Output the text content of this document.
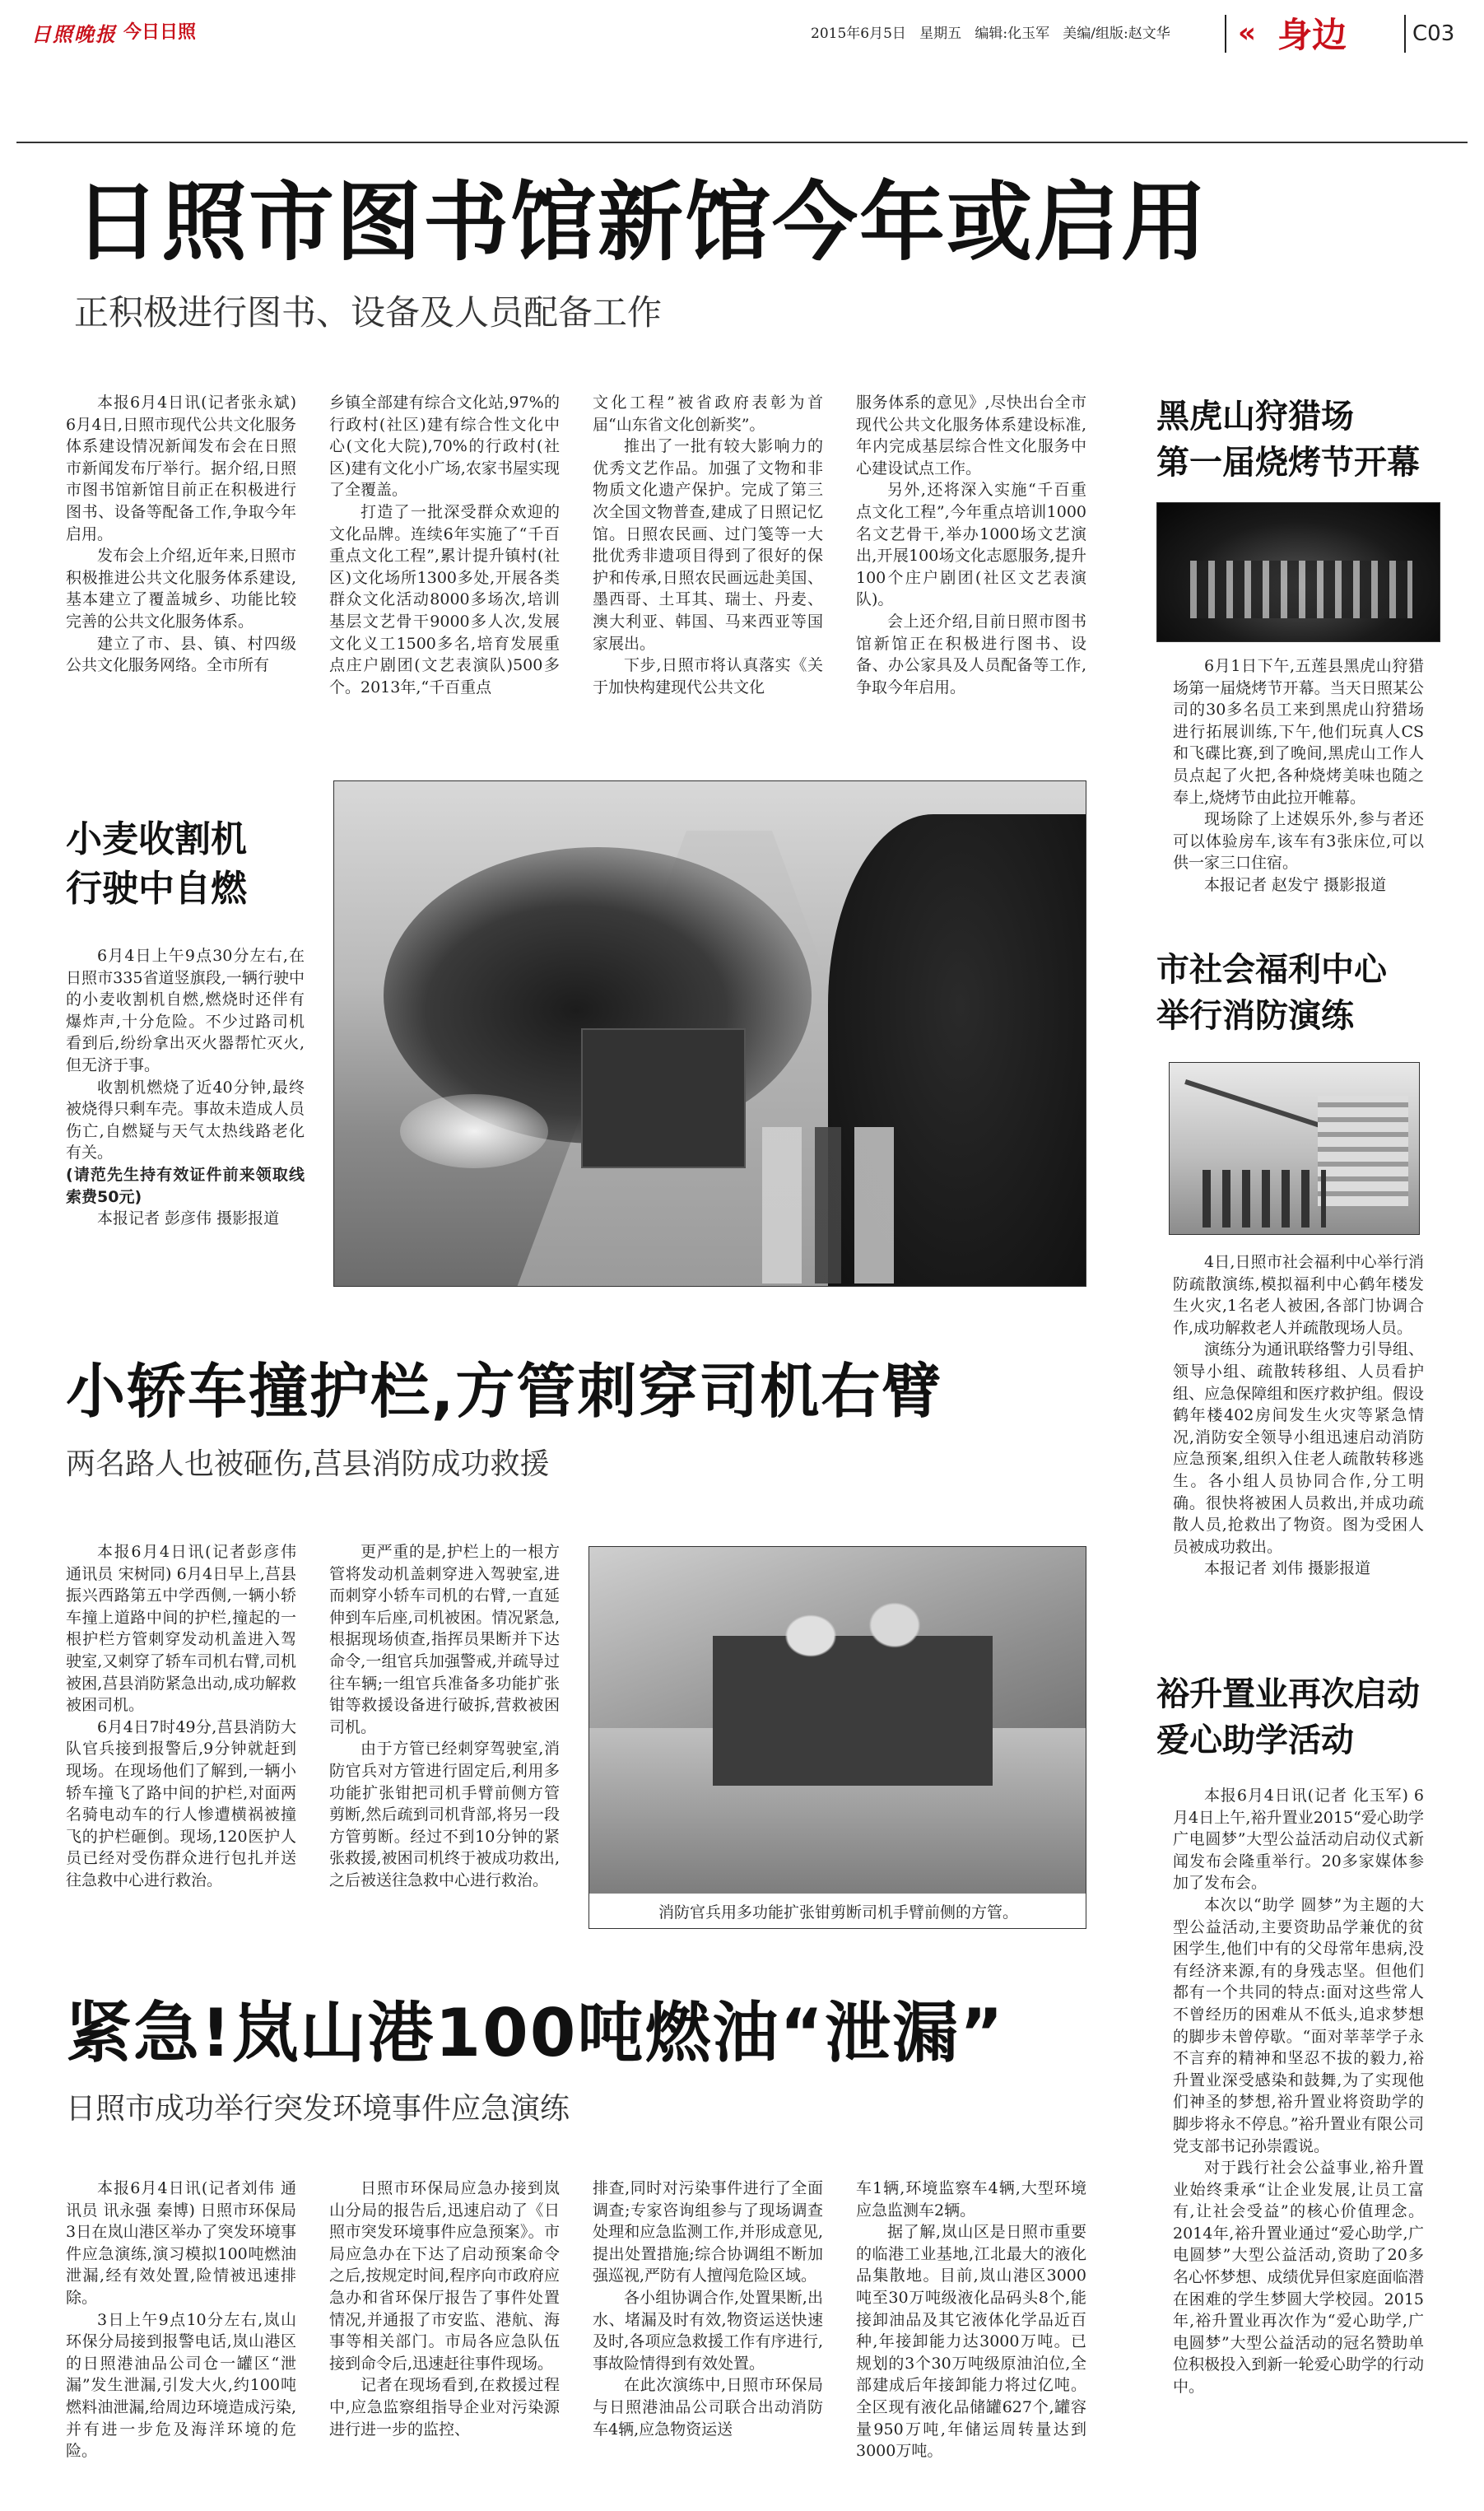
日照晚报 今日日照	2015年6月5日 星期五 编辑:化玉军 美编/组版:赵文华 « 身边	C03
日照市图书馆新馆今年或启用
正积极进行图书、设备及人员配备工作

本报6月4日讯(记者张永斌) 6月4日,日照市现代公共文化服务体系建设情况新闻发布会在日照市新闻发布厅举行。据介绍,日照市图书馆新馆目前正在积极进行图书、设备等配备工作,争取今年启用。

发布会上介绍,近年来,日照市积极推进公共文化服务体系建设,基本建立了覆盖城乡、功能比较完善的公共文化服务体系。

建立了市、县、镇、村四级公共文化服务网络。全市所有

乡镇全部建有综合文化站,97%的行政村(社区)建有综合性文化中心(文化大院),70%的行政村(社区)建有文化小广场,农家书屋实现了全覆盖。

打造了一批深受群众欢迎的文化品牌。连续6年实施了“千百重点文化工程”,累计提升镇村(社区)文化场所1300多处,开展各类群众文化活动8000多场次,培训基层文艺骨干9000多人次,发展文化义工1500多名,培育发展重点庄户剧团(文艺表演队)500多个。2013年,“千百重点

文化工程”被省政府表彰为首届“山东省文化创新奖”。

推出了一批有较大影响力的优秀文艺作品。加强了文物和非物质文化遗产保护。完成了第三次全国文物普查,建成了日照记忆馆。日照农民画、过门笺等一大批优秀非遗项目得到了很好的保护和传承,日照农民画远赴美国、墨西哥、土耳其、瑞士、丹麦、澳大利亚、韩国、马来西亚等国家展出。

下步,日照市将认真落实《关于加快构建现代公共文化

服务体系的意见》,尽快出台全市现代公共文化服务体系建设标准,年内完成基层综合性文化服务中心建设试点工作。

另外,还将深入实施“千百重点文化工程”,今年重点培训1000名文艺骨干,举办1000场文艺演出,开展100场文化志愿服务,提升100个庄户剧团(社区文艺表演队)。

会上还介绍,目前日照市图书馆新馆正在积极进行图书、设备、办公家具及人员配备等工作,争取今年启用。

小麦收割机
行驶中自燃

6月4日上午9点30分左右,在日照市335省道竖旗段,一辆行驶中的小麦收割机自燃,燃烧时还伴有爆炸声,十分危险。不少过路司机看到后,纷纷拿出灭火器帮忙灭火,但无济于事。

收割机燃烧了近40分钟,最终被烧得只剩车壳。事故未造成人员伤亡,自燃疑与天气太热线路老化有关。

(请范先生持有效证件前来领取线索费50元)

本报记者 彭彦伟 摄影报道

黑虎山狩猎场
第一届烧烤节开幕

6月1日下午,五莲县黑虎山狩猎场第一届烧烤节开幕。当天日照某公司的30多名员工来到黑虎山狩猎场进行拓展训练,下午,他们玩真人CS和飞碟比赛,到了晚间,黑虎山工作人员点起了火把,各种烧烤美味也随之奉上,烧烤节由此拉开帷幕。

现场除了上述娱乐外,参与者还可以体验房车,该车有3张床位,可以供一家三口住宿。

本报记者 赵发宁 摄影报道

市社会福利中心
举行消防演练

4日,日照市社会福利中心举行消防疏散演练,模拟福利中心鹤年楼发生火灾,1名老人被困,各部门协调合作,成功解救老人并疏散现场人员。

演练分为通讯联络警力引导组、领导小组、疏散转移组、人员看护组、应急保障组和医疗救护组。假设鹤年楼402房间发生火灾等紧急情况,消防安全领导小组迅速启动消防应急预案,组织入住老人疏散转移逃生。各小组人员协同合作,分工明确。很快将被困人员救出,并成功疏散人员,抢救出了物资。图为受困人员被成功救出。

本报记者 刘伟 摄影报道

小轿车撞护栏,方管刺穿司机右臂
两名路人也被砸伤,莒县消防成功救援

本报6月4日讯(记者彭彦伟 通讯员 宋树同) 6月4日早上,莒县振兴西路第五中学西侧,一辆小轿车撞上道路中间的护栏,撞起的一根护栏方管刺穿发动机盖进入驾驶室,又刺穿了轿车司机右臂,司机被困,莒县消防紧急出动,成功解救被困司机。

6月4日7时49分,莒县消防大队官兵接到报警后,9分钟就赶到现场。在现场他们了解到,一辆小轿车撞飞了路中间的护栏,对面两名骑电动车的行人惨遭横祸被撞飞的护栏砸倒。现场,120医护人员已经对受伤群众进行包扎并送往急救中心进行救治。

更严重的是,护栏上的一根方管将发动机盖刺穿进入驾驶室,进而刺穿小轿车司机的右臂,一直延伸到车后座,司机被困。情况紧急,根据现场侦查,指挥员果断并下达命令,一组官兵加强警戒,并疏导过往车辆;一组官兵准备多功能扩张钳等救援设备进行破拆,营救被困司机。

由于方管已经刺穿驾驶室,消防官兵对方管进行固定后,利用多功能扩张钳把司机手臂前侧方管剪断,然后疏到司机背部,将另一段方管剪断。经过不到10分钟的紧张救援,被困司机终于被成功救出,之后被送往急救中心进行救治。

消防官兵用多功能扩张钳剪断司机手臂前侧的方管。
裕升置业再次启动
爱心助学活动

本报6月4日讯(记者 化玉军) 6月4日上午,裕升置业2015“爱心助学 广电圆梦”大型公益活动启动仪式新闻发布会隆重举行。20多家媒体参加了发布会。

本次以“助学 圆梦”为主题的大型公益活动,主要资助品学兼优的贫困学生,他们中有的父母常年患病,没有经济来源,有的身残志坚。但他们都有一个共同的特点:面对这些常人不曾经历的困难从不低头,追求梦想的脚步未曾停歇。“面对莘莘学子永不言弃的精神和坚忍不拔的毅力,裕升置业深受感染和鼓舞,为了实现他们神圣的梦想,裕升置业将资助学的脚步将永不停息。”裕升置业有限公司党支部书记孙崇霞说。

对于践行社会公益事业,裕升置业始终秉承“让企业发展,让员工富有,让社会受益”的核心价值理念。2014年,裕升置业通过“爱心助学,广电圆梦”大型公益活动,资助了20多名心怀梦想、成绩优异但家庭面临潜在困难的学生梦圆大学校园。2015年,裕升置业再次作为“爱心助学,广电圆梦”大型公益活动的冠名赞助单位积极投入到新一轮爱心助学的行动中。

紧急!岚山港100吨燃油“泄漏”
日照市成功举行突发环境事件应急演练

本报6月4日讯(记者刘伟 通讯员 讯永强 秦博) 日照市环保局3日在岚山港区举办了突发环境事件应急演练,演习模拟100吨燃油泄漏,经有效处置,险情被迅速排除。

3日上午9点10分左右,岚山环保分局接到报警电话,岚山港区的日照港油品公司仓一罐区“泄漏”发生泄漏,引发大火,约100吨燃料油泄漏,给周边环境造成污染,并有进一步危及海洋环境的危险。

日照市环保局应急办接到岚山分局的报告后,迅速启动了《日照市突发环境事件应急预案》。市局应急办在下达了启动预案命令之后,按规定时间,程序向市政府应急办和省环保厅报告了事件处置情况,并通报了市安监、港航、海事等相关部门。市局各应急队伍接到命令后,迅速赶往事件现场。

记者在现场看到,在救援过程中,应急监察组指导企业对污染源进行进一步的监控、

排查,同时对污染事件进行了全面调查;专家咨询组参与了现场调查处理和应急监测工作,并形成意见,提出处置措施;综合协调组不断加强巡视,严防有人擅闯危险区域。

各小组协调合作,处置果断,出水、堵漏及时有效,物资运送快速及时,各项应急救援工作有序进行,事故险情得到有效处置。

在此次演练中,日照市环保局与日照港油品公司联合出动消防车4辆,应急物资运送

车1辆,环境监察车4辆,大型环境应急监测车2辆。

据了解,岚山区是日照市重要的临港工业基地,江北最大的液化品集散地。目前,岚山港区3000吨至30万吨级液化品码头8个,能接卸油品及其它液体化学品近百种,年接卸能力达3000万吨。已规划的3个30万吨级原油泊位,全部建成后年接卸能力将过亿吨。全区现有液化品储罐627个,罐容量950万吨,年储运周转量达到3000万吨。
